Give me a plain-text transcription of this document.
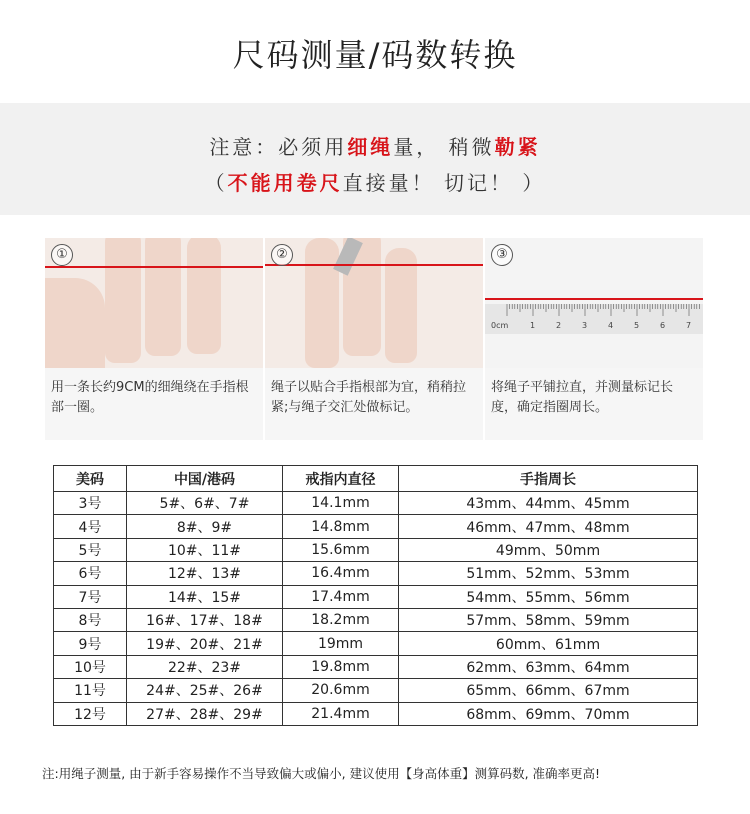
尺码测量/码数转换
注意：必须用细绳量， 稍微勒紧
（不能用卷尺直接量！ 切记！ ）
①
用一条长约9CM的细绳绕在手指根部一圈。
②
绳子以贴合手指根部为宜，稍稍拉紧;与绳子交汇处做标记。
0cm	1	2	3	4	5	6	7
③
将绳子平铺拉直，并测量标记长度，确定指圈周长。
美码	中国/港码	戒指内直径	手指周长
3号	5#、6#、7#	14.1mm	43mm、44mm、45mm
4号	8#、9#	14.8mm	46mm、47mm、48mm
5号	10#、11#	15.6mm	49mm、50mm
6号	12#、13#	16.4mm	51mm、52mm、53mm
7号	14#、15#	17.4mm	54mm、55mm、56mm
8号	16#、17#、18#	18.2mm	57mm、58mm、59mm
9号	19#、20#、21#	19mm	60mm、61mm
10号	22#、23#	19.8mm	62mm、63mm、64mm
11号	24#、25#、26#	20.6mm	65mm、66mm、67mm
12号	27#、28#、29#	21.4mm	68mm、69mm、70mm
注:用绳子测量, 由于新手容易操作不当导致偏大或偏小, 建议使用【身高体重】测算码数, 准确率更高!
